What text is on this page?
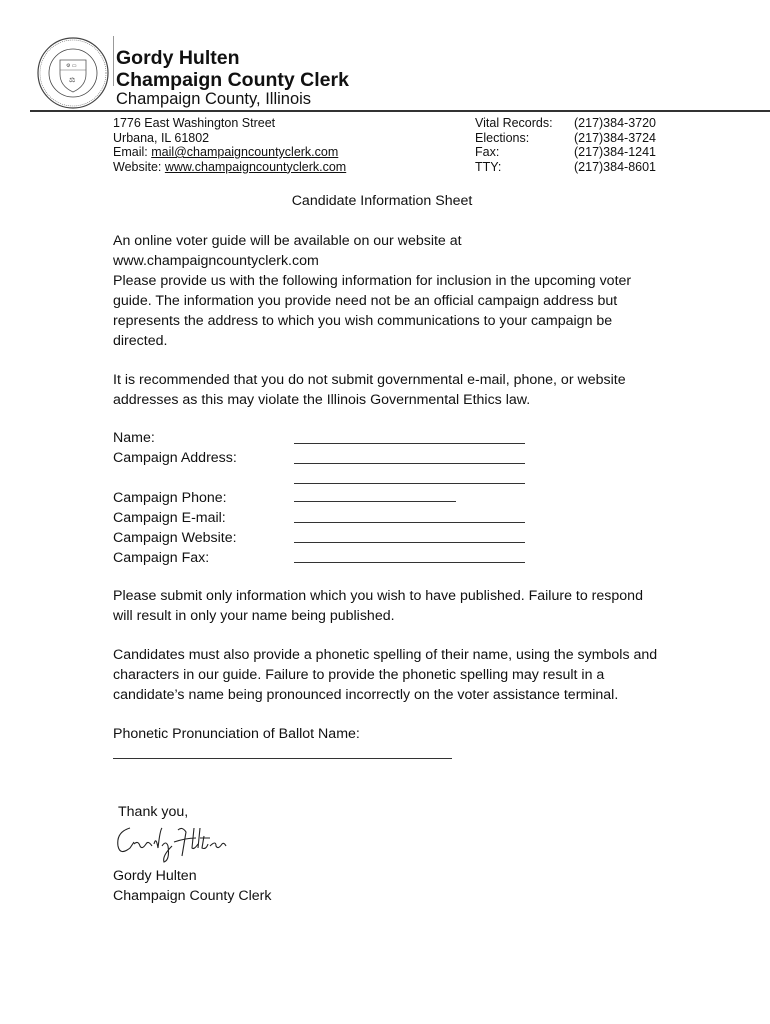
⚙ ▭
⚖
Gordy Hulten
Champaign County Clerk
Champaign County, Illinois
1776 East Washington Street
Urbana, IL 61802
Email: mail@champaigncountyclerk.com
Website: www.champaigncountyclerk.com
Vital Records:
Elections:
Fax:
TTY:
(217)384-3720
(217)384-3724
(217)384-1241
(217)384-8601
Candidate Information Sheet
An online voter guide will be available on our website at
www.champaigncountyclerk.com
Please provide us with the following information for inclusion in the upcoming voter
guide. The information you provide need not be an official campaign address but
represents the address to which you wish communications to your campaign be
directed.
It is recommended that you do not submit governmental e-mail, phone, or website
addresses as this may violate the Illinois Governmental Ethics law.
Name:
Campaign Address:
Campaign Phone:
Campaign E-mail:
Campaign Website:
Campaign Fax:
Please submit only information which you wish to have published. Failure to respond
will result in only your name being published.
Candidates must also provide a phonetic spelling of their name, using the symbols and
characters in our guide. Failure to provide the phonetic spelling may result in a
candidate’s name being pronounced incorrectly on the voter assistance terminal.
Phonetic Pronunciation of Ballot Name:
Thank you,
Gordy Hulten
Champaign County Clerk
